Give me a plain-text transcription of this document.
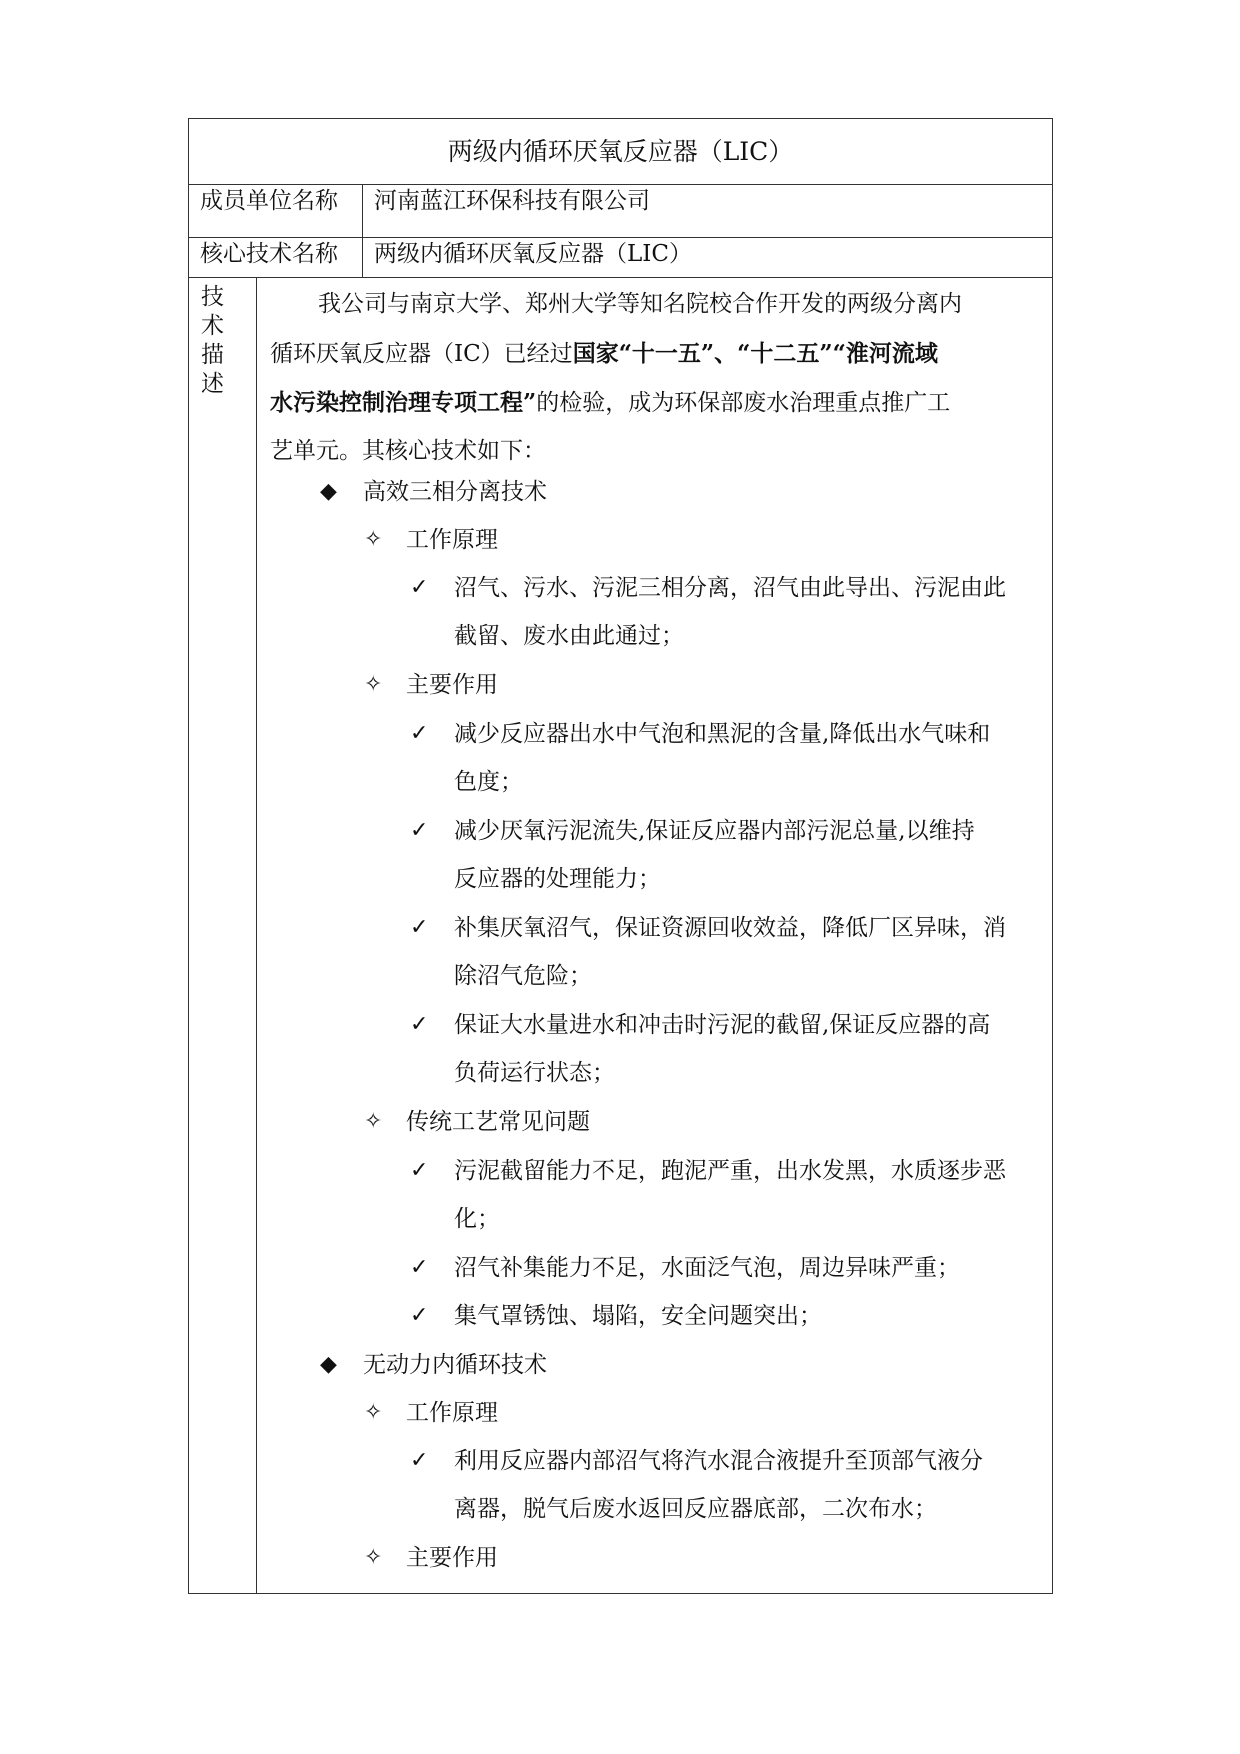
两级内循环厌氧反应器（LIC）
成员单位名称 河南蓝江环保科技有限公司
核心技术名称 两级内循环厌氧反应器（LIC）
技
术
描
述
我公司与南京大学、郑州大学等知名院校合作开发的两级分离内
循环厌氧反应器（IC）已经过国家“十一五”、“十二五”“淮河流域
水污染控制治理专项工程”的检验，成为环保部废水治理重点推广工
艺单元。其核心技术如下：
◆ 高效三相分离技术
✧ 工作原理
✓ 沼气、污水、污泥三相分离，沼气由此导出、污泥由此
截留、废水由此通过；
✧ 主要作用
✓ 减少反应器出水中气泡和黑泥的含量,降低出水气味和
色度；
✓ 减少厌氧污泥流失,保证反应器内部污泥总量,以维持
反应器的处理能力；
✓ 补集厌氧沼气，保证资源回收效益，降低厂区异味，消
除沼气危险；
✓ 保证大水量进水和冲击时污泥的截留,保证反应器的高
负荷运行状态；
✧ 传统工艺常见问题
✓ 污泥截留能力不足，跑泥严重，出水发黑，水质逐步恶
化；
✓ 沼气补集能力不足，水面泛气泡，周边异味严重；
✓ 集气罩锈蚀、塌陷，安全问题突出；
◆ 无动力内循环技术
✧ 工作原理
✓ 利用反应器内部沼气将汽水混合液提升至顶部气液分
离器，脱气后废水返回反应器底部，二次布水；
✧ 主要作用
